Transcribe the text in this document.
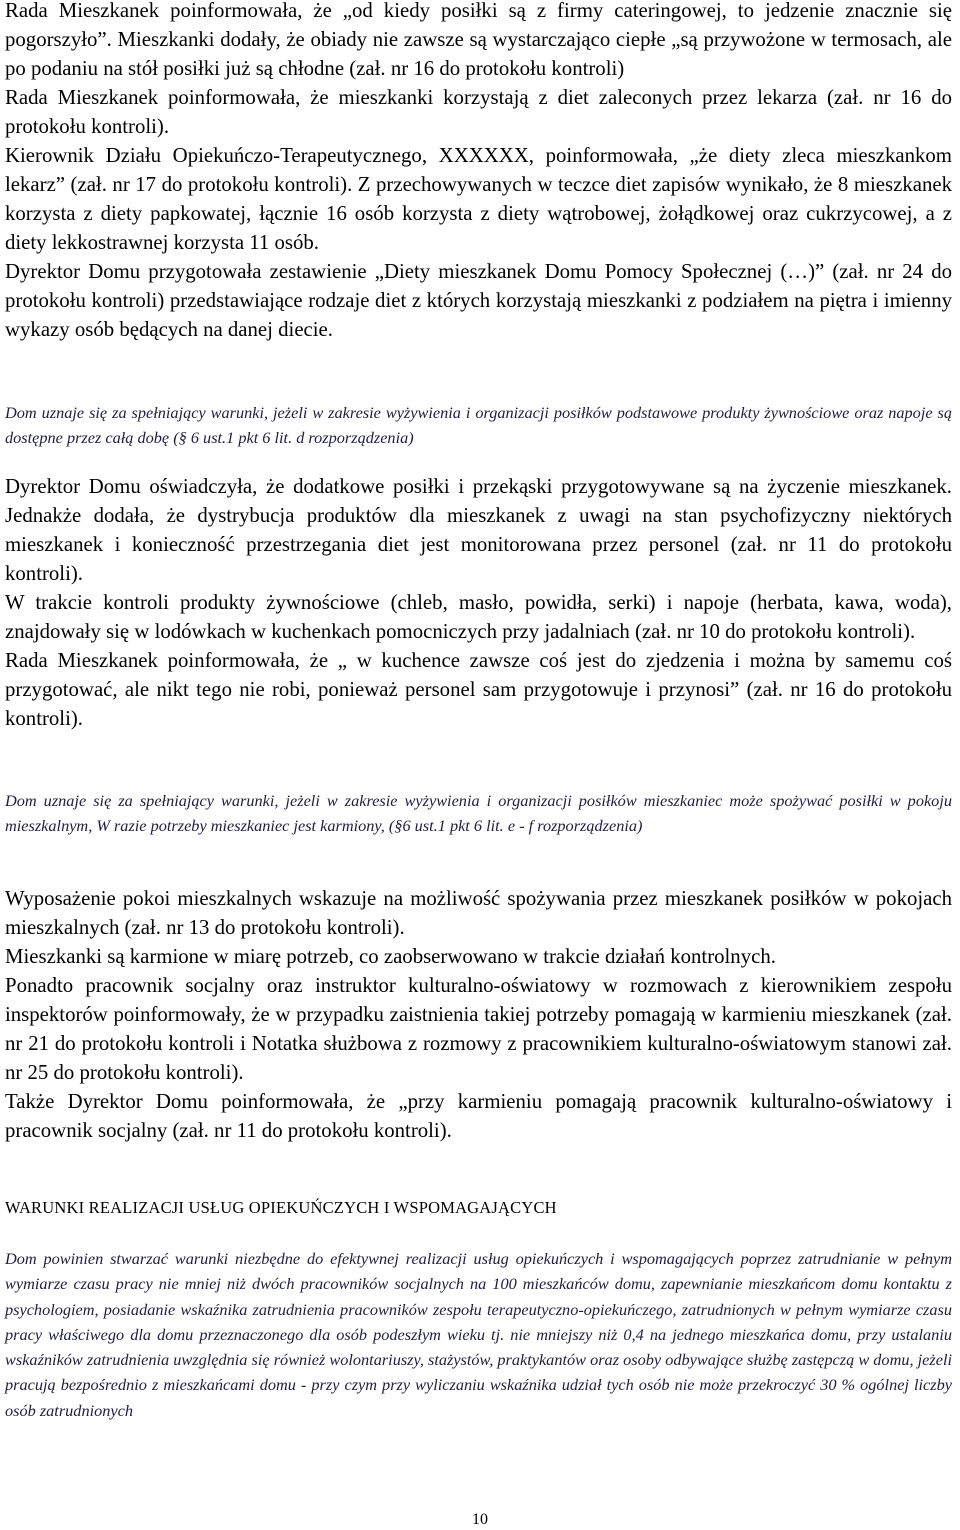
Rada Mieszkanek poinformowała, że „od kiedy posiłki są z firmy cateringowej, to jedzenie znacznie się pogorszyło”. Mieszkanki dodały, że obiady nie zawsze są wystarczająco ciepłe „są przywożone w termosach, ale po podaniu na stół posiłki już są chłodne (zał. nr 16 do protokołu kontroli)

Rada Mieszkanek poinformowała, że mieszkanki korzystają z diet zaleconych przez lekarza (zał. nr 16 do protokołu kontroli).

Kierownik Działu Opiekuńczo-Terapeutycznego, XXXXXX, poinformowała, „że diety zleca mieszkankom lekarz” (zał. nr 17 do protokołu kontroli). Z przechowywanych w teczce diet zapisów wynikało, że 8 mieszkanek korzysta z diety papkowatej, łącznie 16 osób korzysta z diety wątrobowej, żołądkowej oraz cukrzycowej, a z diety lekkostrawnej korzysta 11 osób.

Dyrektor Domu przygotowała zestawienie „Diety mieszkanek Domu Pomocy Społecznej (…)” (zał. nr 24 do protokołu kontroli) przedstawiające rodzaje diet z których korzystają mieszkanki z podziałem na piętra i imienny wykazy osób będących na danej diecie.

Dom uznaje się za spełniający warunki, jeżeli w zakresie wyżywienia i organizacji posiłków podstawowe produkty żywnościowe oraz napoje są dostępne przez całą dobę (§ 6 ust.1 pkt 6 lit. d rozporządzenia)

Dyrektor Domu oświadczyła, że dodatkowe posiłki i przekąski przygotowywane są na życzenie mieszkanek. Jednakże dodała, że dystrybucja produktów dla mieszkanek z uwagi na stan psychofizyczny niektórych mieszkanek i konieczność przestrzegania diet jest monitorowana przez personel (zał. nr 11 do protokołu kontroli).

W trakcie kontroli produkty żywnościowe (chleb, masło, powidła, serki) i napoje (herbata, kawa, woda), znajdowały się w lodówkach w kuchenkach pomocniczych przy jadalniach (zał. nr 10 do protokołu kontroli).

Rada Mieszkanek poinformowała, że „ w kuchence zawsze coś jest do zjedzenia i można by samemu coś przygotować, ale nikt tego nie robi, ponieważ personel sam przygotowuje i przynosi” (zał. nr 16 do protokołu kontroli).

Dom uznaje się za spełniający warunki, jeżeli w zakresie wyżywienia i organizacji posiłków mieszkaniec może spożywać posiłki w pokoju mieszkalnym, W razie potrzeby mieszkaniec jest karmiony, (§6 ust.1 pkt 6 lit. e - f rozporządzenia)

Wyposażenie pokoi mieszkalnych wskazuje na możliwość spożywania przez mieszkanek posiłków w pokojach mieszkalnych (zał. nr 13 do protokołu kontroli).

Mieszkanki są karmione w miarę potrzeb, co zaobserwowano w trakcie działań kontrolnych.

Ponadto pracownik socjalny oraz instruktor kulturalno-oświatowy w rozmowach z kierownikiem zespołu inspektorów poinformowały, że w przypadku zaistnienia takiej potrzeby pomagają w karmieniu mieszkanek (zał. nr 21 do protokołu kontroli i Notatka służbowa z rozmowy z pracownikiem kulturalno-oświatowym stanowi zał. nr 25 do protokołu kontroli).

Także Dyrektor Domu poinformowała, że „przy karmieniu pomagają pracownik kulturalno-oświatowy i pracownik socjalny (zał. nr 11 do protokołu kontroli).

WARUNKI REALIZACJI USŁUG OPIEKUŃCZYCH I WSPOMAGAJĄCYCH
Dom powinien stwarzać warunki niezbędne do efektywnej realizacji usług opiekuńczych i wspomagających poprzez zatrudnianie w pełnym wymiarze czasu pracy nie mniej niż dwóch pracowników socjalnych na 100 mieszkańców domu, zapewnianie mieszkańcom domu kontaktu z psychologiem, posiadanie wskaźnika zatrudnienia pracowników zespołu terapeutyczno-opiekuńczego, zatrudnionych w pełnym wymiarze czasu pracy właściwego dla domu przeznaczonego dla osób podeszłym wieku tj. nie mniejszy niż 0,4 na jednego mieszkańca domu, przy ustalaniu wskaźników zatrudnienia uwzględnia się również wolontariuszy, stażystów, praktykantów oraz osoby odbywające służbę zastępczą w domu, jeżeli pracują bezpośrednio z mieszkańcami domu - przy czym przy wyliczaniu wskaźnika udział tych osób nie może przekroczyć 30 % ogólnej liczby osób zatrudnionych
10
